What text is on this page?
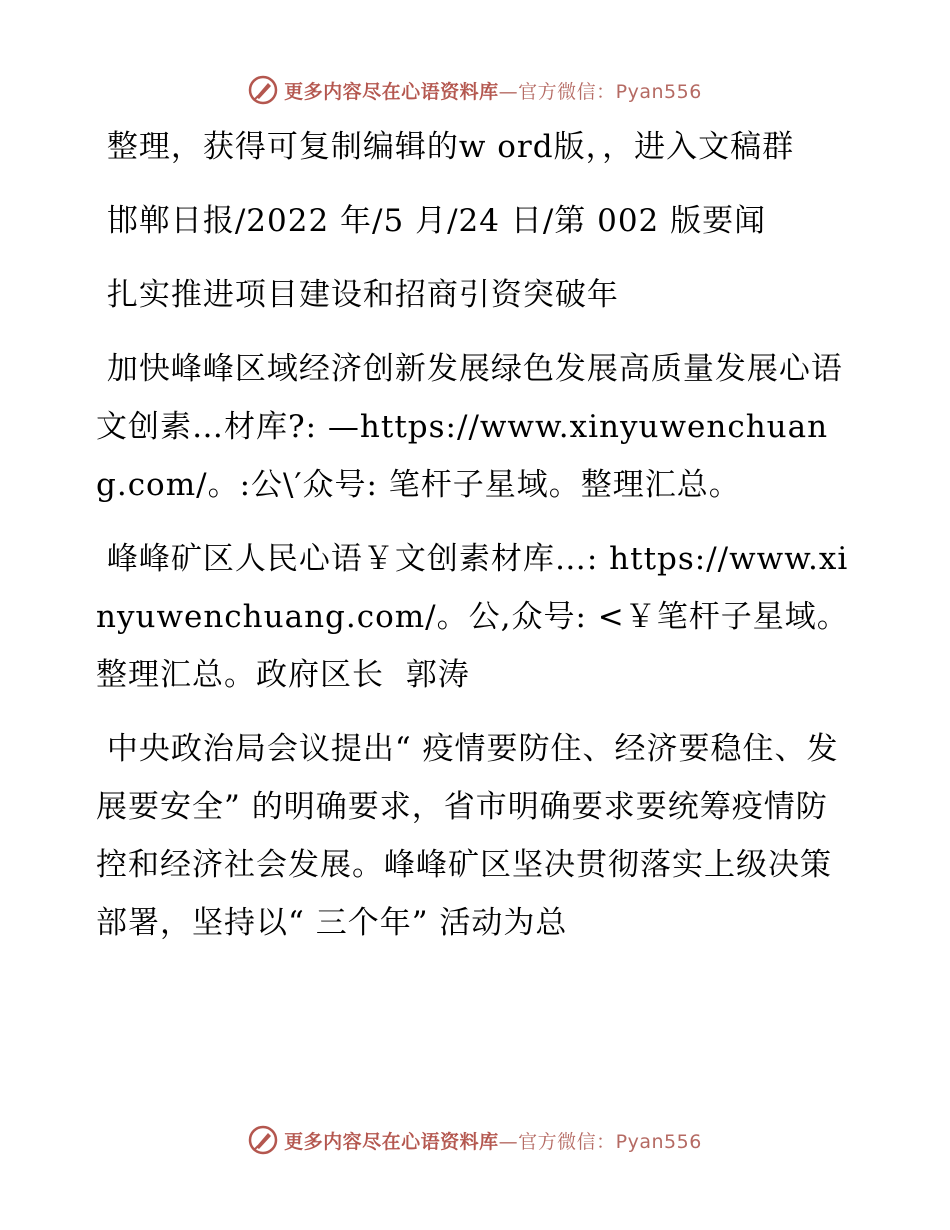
更多内容尽在心语资料库—官方微信：Pyan556

整理，获得可复制编辑的w ord版，，进入文稿群

邯郸日报/2022 年/5 月/24 日/第 002 版要闻

扎实推进项目建设和招商引资突破年

加快峰峰区域经济创新发展绿色发展高质量发展心语文创素…材库?: —https://www.xinyuwenchuang.com/。:公\′众号: 笔杆子星域。整理汇总。

峰峰矿区人民心语￥文创素材库…: https://www.xinyuwenchuang.com/。公,众号: <￥笔杆子星域。整理汇总。政府区长  郭涛

中央政治局会议提出“ 疫情要防住、经济要稳住、发展要安全” 的明确要求，省市明确要求要统筹疫情防控和经济社会发展。峰峰矿区坚决贯彻落实上级决策部署，坚持以“ 三个年” 活动为总

更多内容尽在心语资料库—官方微信：Pyan556
